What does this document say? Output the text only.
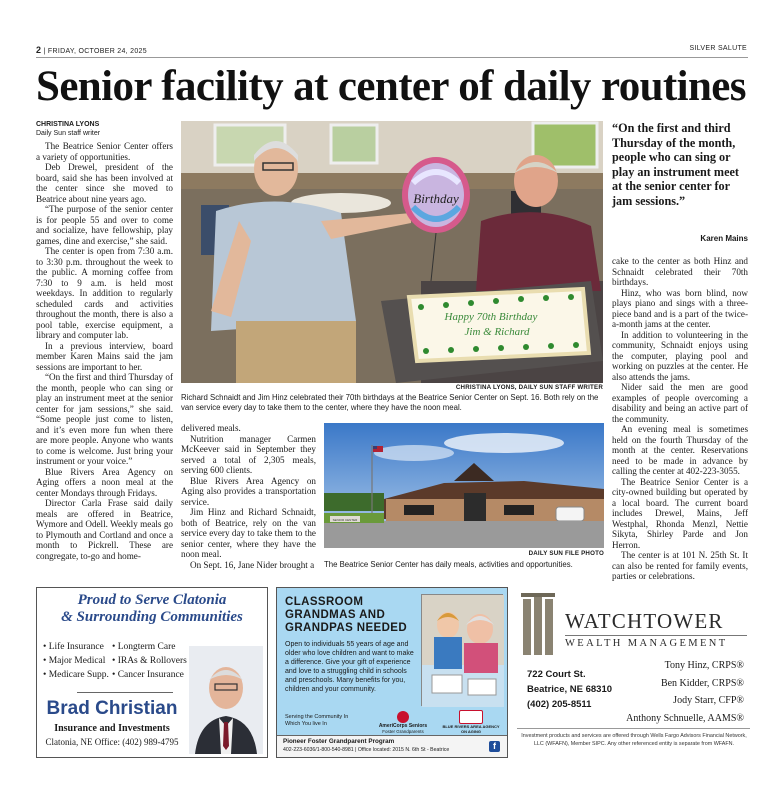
2 | FRIDAY, OCTOBER 24, 2025	SILVER SALUTE
Senior facility at center of daily routines
CHRISTINA LYONS
Daily Sun staff writer

The Beatrice Senior Center offers a variety of opportunities.

Deb Drewel, president of the board, said she has been involved at the center since she moved to Beatrice about nine years ago.

“The purpose of the senior center is for people 55 and over to come and socialize, have fellowship, play games, dine and exercise,” she said.

The center is open from 7:30 a.m. to 3:30 p.m. throughout the week to the public. A morning coffee from 7:30 to 9 a.m. is held most weekdays. In addition to regularly scheduled cards and activities throughout the month, there is also a pool table, exercise equipment, a library and computer lab.

In a previous interview, board member Karen Mains said the jam sessions are important to her.

“On the first and third Thursday of the month, people who can sing or play an instrument meet at the senior center for jam sessions,” she said. “Some people just come to listen, and it’s even more fun when there are more people. Anyone who wants to come is welcome. Just bring your instrument or your voice.”

Blue Rivers Area Agency on Aging offers a noon meal at the center Mondays through Fridays.

Director Carla Frase said daily meals are offered in Beatrice, Wymore and Odell. Weekly meals go to Plymouth and Cortland and once a month to Pickrell. These are congregate, to-go and home-

Birthday
Happy 70th Birthday
Jim & Richard
CHRISTINA LYONS, DAILY SUN STAFF WRITER
Richard Schnaidt and Jim Hinz celebrated their 70th birthdays at the Beatrice Senior Center on Sept. 16. Both rely on the van service every day to take them to the center, where they have the noon meal.
“On the first and third Thursday of the month, people who can sing or play an instrument meet at the senior center for jam sessions.”
Karen Mains

delivered meals.

Nutrition manager Carmen McKeever said in September they served a total of 2,305 meals, serving 600 clients.

Blue Rivers Area Agency on Aging also provides a transportation service.

Jim Hinz and Richard Schnaidt, both of Beatrice, rely on the van service every day to take them to the senior center, where they have the noon meal.

On Sept. 16, Jane Nider brought a

SENIOR CENTER
DAILY SUN FILE PHOTO
The Beatrice Senior Center has daily meals, activities and opportunities.

cake to the center as both Hinz and Schnaidt celebrated their 70th birthdays.

Hinz, who was born blind, now plays piano and sings with a three-piece band and is a part of the twice-a-month jams at the center.

In addition to volunteering in the community, Schnaidt enjoys using the computer, playing pool and working on puzzles at the center. He also attends the jams.

Nider said the men are good examples of people overcoming a disability and being an active part of the community.

An evening meal is sometimes held on the fourth Thursday of the month at the center. Reservations need to be made in advance by calling the center at 402-223-3055.

The Beatrice Senior Center is a city-owned building but operated by a local board. The current board includes Drewel, Mains, Jeff Westphal, Rhonda Menzl, Nettie Sikyta, Shirley Parde and Jon Herron.

The center is at 101 N. 25th St. It can also be rented for family events, parties or celebrations.

Proud to Serve Clatonia
& Surrounding Communities
• Life Insurance
• Major Medical
• Medicare Supp.
• Longterm Care
• IRAs & Rollovers
• Cancer Insurance
Brad Christian
Insurance and Investments
Clatonia, NE Office: (402) 989-4795
CLASSROOM
GRANDMAS AND
GRANDPAS NEEDED
Open to individuals 55 years of age and older who love children and want to make a difference. Give your gift of experience and love to a struggling child in schools and preschools. Many benefits for you, children and your community.
Serving the Community In Which You live In	AmeriCorps Seniors
Foster Grandparents
BLUE RIVERS AREA AGENCY ON AGING
Pioneer Foster Grandparent Program
402-223-6036/1-800-540-8981 | Office located: 2015 N. 6th St - Beatrice	f
WATCHTOWER
WEALTH MANAGEMENT
722 Court St.
Beatrice, NE 68310
(402) 205-8511
Tony Hinz, CRPS®
Ben Kidder, CRPS®
Jody Starr, CFP®
Anthony Schnuelle, AAMS®
Investment products and services are offered through Wells Fargo Advisors Financial Network, LLC (WFAFN), Member SIPC. Any other referenced entity is separate from WFAFN.
